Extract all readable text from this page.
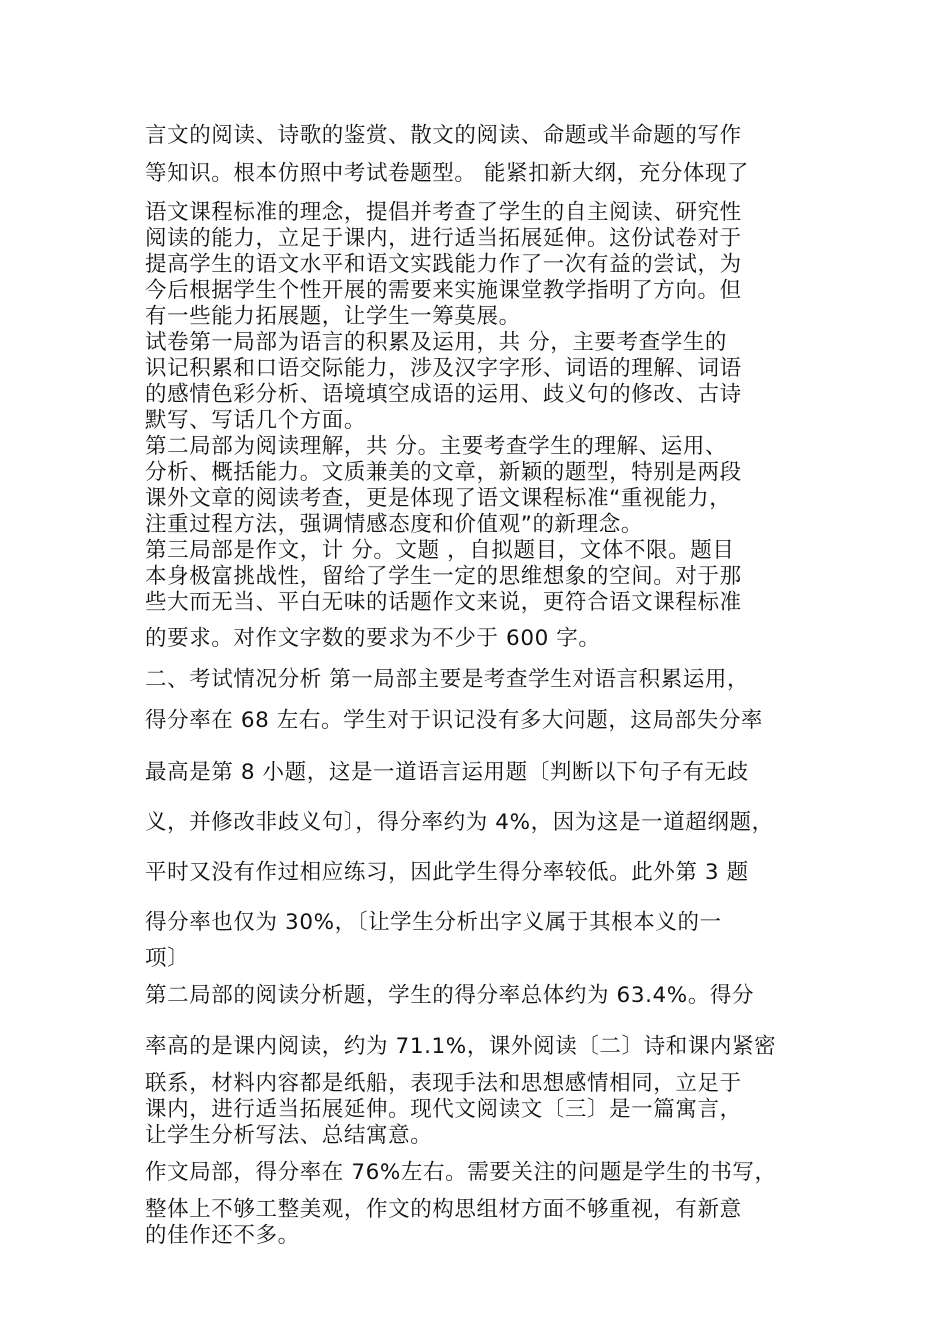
言文的阅读、诗歌的鉴赏、散文的阅读、命题或半命题的写作
等知识。根本仿照中考试卷题型。 能紧扣新大纲，充分体现了
语文课程标准的理念，提倡并考查了学生的自主阅读、研究性
阅读的能力，立足于课内，进行适当拓展延伸。这份试卷对于
提高学生的语文水平和语文实践能力作了一次有益的尝试，为
今后根据学生个性开展的需要来实施课堂教学指明了方向。但
有一些能力拓展题，让学生一筹莫展。
试卷第一局部为语言的积累及运用，共 分，主要考查学生的
识记积累和口语交际能力，涉及汉字字形、词语的理解、词语
的感情色彩分析、语境填空成语的运用、歧义句的修改、古诗
默写、写话几个方面。
第二局部为阅读理解，共 分。主要考查学生的理解、运用、
分析、概括能力。文质兼美的文章，新颖的题型，特别是两段
课外文章的阅读考查，更是体现了语文课程标准“重视能力，
注重过程方法，强调情感态度和价值观”的新理念。
第三局部是作文，计 分。文题 ，自拟题目，文体不限。题目
本身极富挑战性，留给了学生一定的思维想象的空间。对于那
些大而无当、平白无味的话题作文来说，更符合语文课程标准
的要求。对作文字数的要求为不少于 600 字。
二、考试情况分析 第一局部主要是考查学生对语言积累运用，
得分率在 68 左右。学生对于识记没有多大问题，这局部失分率
最高是第 8 小题，这是一道语言运用题〔判断以下句子有无歧
义，并修改非歧义句〕，得分率约为 4%，因为这是一道超纲题，
平时又没有作过相应练习，因此学生得分率较低。此外第 3 题
得分率也仅为 30%，〔让学生分析出字义属于其根本义的一
项〕
第二局部的阅读分析题，学生的得分率总体约为 63.4%。得分
率高的是课内阅读，约为 71.1%，课外阅读〔二〕诗和课内紧密
联系，材料内容都是纸船，表现手法和思想感情相同，立足于
课内，进行适当拓展延伸。现代文阅读文〔三〕是一篇寓言，
让学生分析写法、总结寓意。
作文局部，得分率在 76%左右。需要关注的问题是学生的书写，
整体上不够工整美观，作文的构思组材方面不够重视，有新意
的佳作还不多。
